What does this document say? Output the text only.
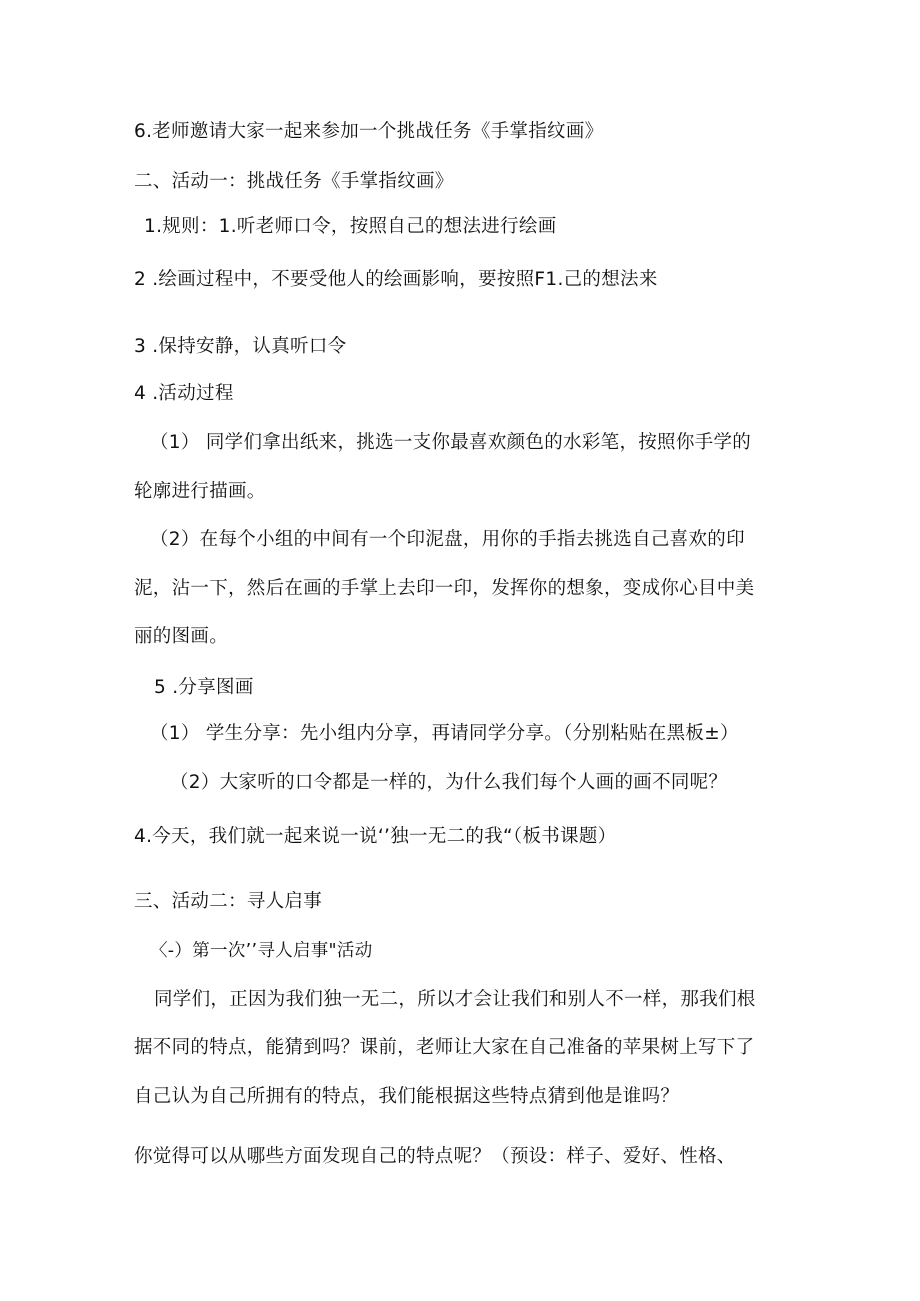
6.老师邀请大家一起来参加一个挑战任务《手掌指纹画》
二、活动一：挑战任务《手掌指纹画》
1.规则：1.听老师口令，按照自己的想法进行绘画
2 .绘画过程中，不要受他人的绘画影响，要按照F1.己的想法来
3 .保持安静，认真听口令
4 .活动过程
（1） 同学们拿出纸来，挑选一支你最喜欢颜色的水彩笔，按照你手学的
轮廓进行描画。
（2）在每个小组的中间有一个印泥盘，用你的手指去挑选自己喜欢的印
泥，沾一下，然后在画的手掌上去印一印，发挥你的想象，变成你心目中美
丽的图画。
5 .分享图画
（1） 学生分享：先小组内分享，再请同学分享。（分别粘贴在黑板±）
（2）大家听的口令都是一样的，为什么我们每个人画的画不同呢？
4.今天，我们就一起来说一说‘’独一无二的我“（板书课题）
三、活动二：寻人启事
〈-）第一次’’寻人启事"活动
同学们，正因为我们独一无二，所以才会让我们和别人不一样，那我们根
据不同的特点，能猜到吗？课前，老师让大家在自己准备的苹果树上写下了
自己认为自己所拥有的特点，我们能根据这些特点猜到他是谁吗？
你觉得可以从哪些方面发现自己的特点呢？（预设：样子、爱好、性格、
